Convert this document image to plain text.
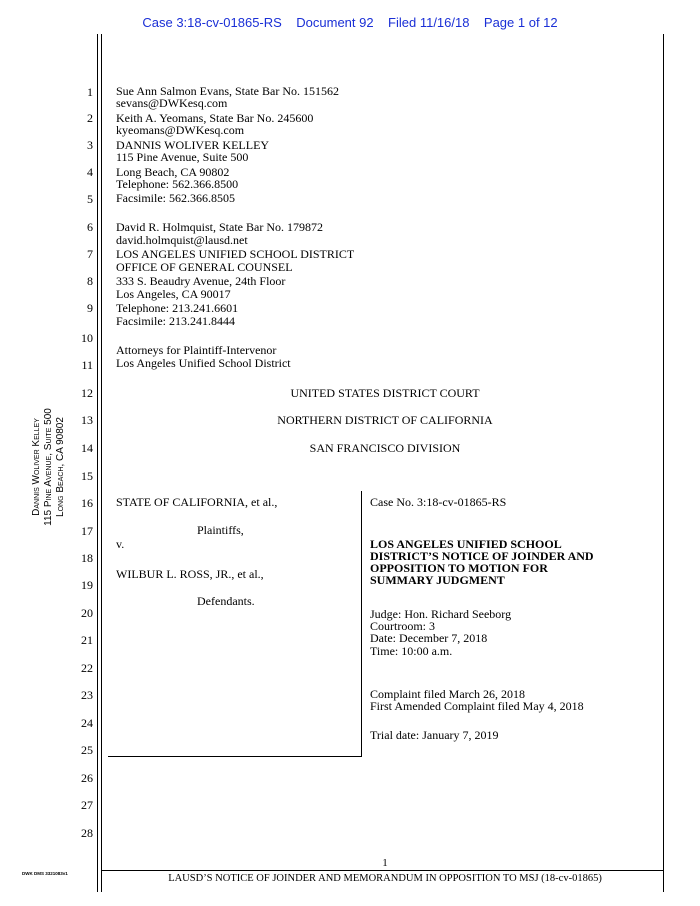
Case 3:18-cv-01865-RS    Document 92    Filed 11/16/18    Page 1 of 12
1
2
3
4
5
6
7
8
9
10
11
12
13
14
15
16
17
18
19
20
21
22
23
24
25
26
27
28
Sue Ann Salmon Evans, State Bar No. 151562
sevans@DWKesq.com
Keith A. Yeomans, State Bar No. 245600
kyeomans@DWKesq.com
DANNIS WOLIVER KELLEY
115 Pine Avenue, Suite 500
Long Beach, CA 90802
Telephone: 562.366.8500
Facsimile: 562.366.8505
David R. Holmquist, State Bar No. 179872
david.holmquist@lausd.net
LOS ANGELES UNIFIED SCHOOL DISTRICT
OFFICE OF GENERAL COUNSEL
333 S. Beaudry Avenue, 24th Floor
Los Angeles, CA 90017
Telephone: 213.241.6601
Facsimile: 213.241.8444
Attorneys for Plaintiff-Intervenor
Los Angeles Unified School District
UNITED STATES DISTRICT COURT
NORTHERN DISTRICT OF CALIFORNIA
SAN FRANCISCO DIVISION
STATE OF CALIFORNIA, et al.,
Plaintiffs,
v.
WILBUR L. ROSS, JR., et al.,
Defendants.
Case No. 3:18-cv-01865-RS
LOS ANGELES UNIFIED SCHOOL
DISTRICT’S NOTICE OF JOINDER AND
OPPOSITION TO MOTION FOR
SUMMARY JUDGMENT
Judge: Hon. Richard Seeborg
Courtroom: 3
Date: December 7, 2018
Time: 10:00 a.m.
Complaint filed March 26, 2018
First Amended Complaint filed May 4, 2018
Trial date: January 7, 2019
Dannis Woliver Kelley 115 Pine Avenue, Suite 500 Long Beach, CA 90802
DWK DMS 3321083v1
1
LAUSD’S NOTICE OF JOINDER AND MEMORANDUM IN OPPOSITION TO MSJ (18-cv-01865)
